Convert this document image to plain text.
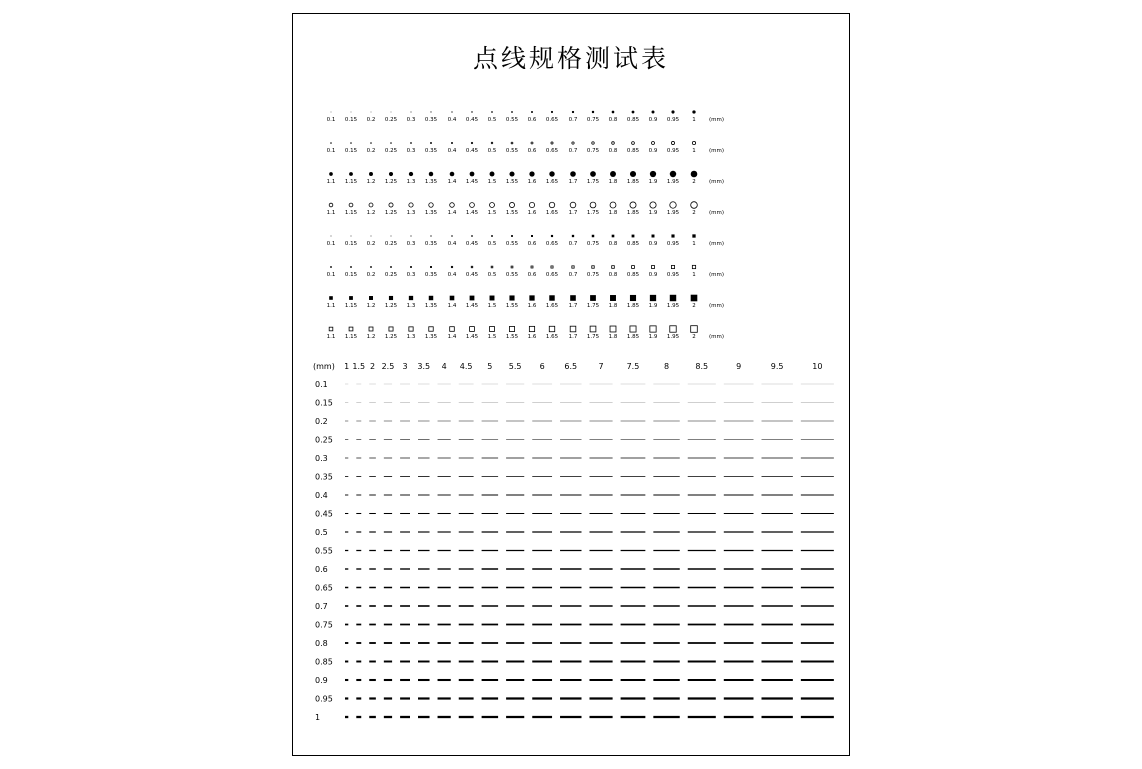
点线规格测试表
0.1 0.15 0.2 0.25 0.3 0.35 0.4 0.45 0.5 0.55 0.6 0.65 0.7 0.75 0.8 0.85 0.9 0.95 1 (mm)
0.1 0.15 0.2 0.25 0.3 0.35 0.4 0.45 0.5 0.55 0.6 0.65 0.7 0.75 0.8 0.85 0.9 0.95 1 (mm)
1.1 1.15 1.2 1.25 1.3 1.35 1.4 1.45 1.5 1.55 1.6 1.65 1.7 1.75 1.8 1.85 1.9 1.95 2 (mm)
1.1 1.15 1.2 1.25 1.3 1.35 1.4 1.45 1.5 1.55 1.6 1.65 1.7 1.75 1.8 1.85 1.9 1.95 2 (mm)
0.1 0.15 0.2 0.25 0.3 0.35 0.4 0.45 0.5 0.55 0.6 0.65 0.7 0.75 0.8 0.85 0.9 0.95 1 (mm)
0.1 0.15 0.2 0.25 0.3 0.35 0.4 0.45 0.5 0.55 0.6 0.65 0.7 0.75 0.8 0.85 0.9 0.95 1 (mm)
1.1 1.15 1.2 1.25 1.3 1.35 1.4 1.45 1.5 1.55 1.6 1.65 1.7 1.75 1.8 1.85 1.9 1.95 2 (mm)
1.1 1.15 1.2 1.25 1.3 1.35 1.4 1.45 1.5 1.55 1.6 1.65 1.7 1.75 1.8 1.85 1.9 1.95 2 (mm)
(mm) 1 1.5 2 2.5 3 3.5 4 4.5 5 5.5 6 6.5	7	7.5	8	8.5	9	9.5	10
0.1
0.15
0.2
0.25
0.3
0.35
0.4
0.45
0.5
0.55
0.6
0.65
0.7
0.75
0.8
0.85
0.9
0.95
1
